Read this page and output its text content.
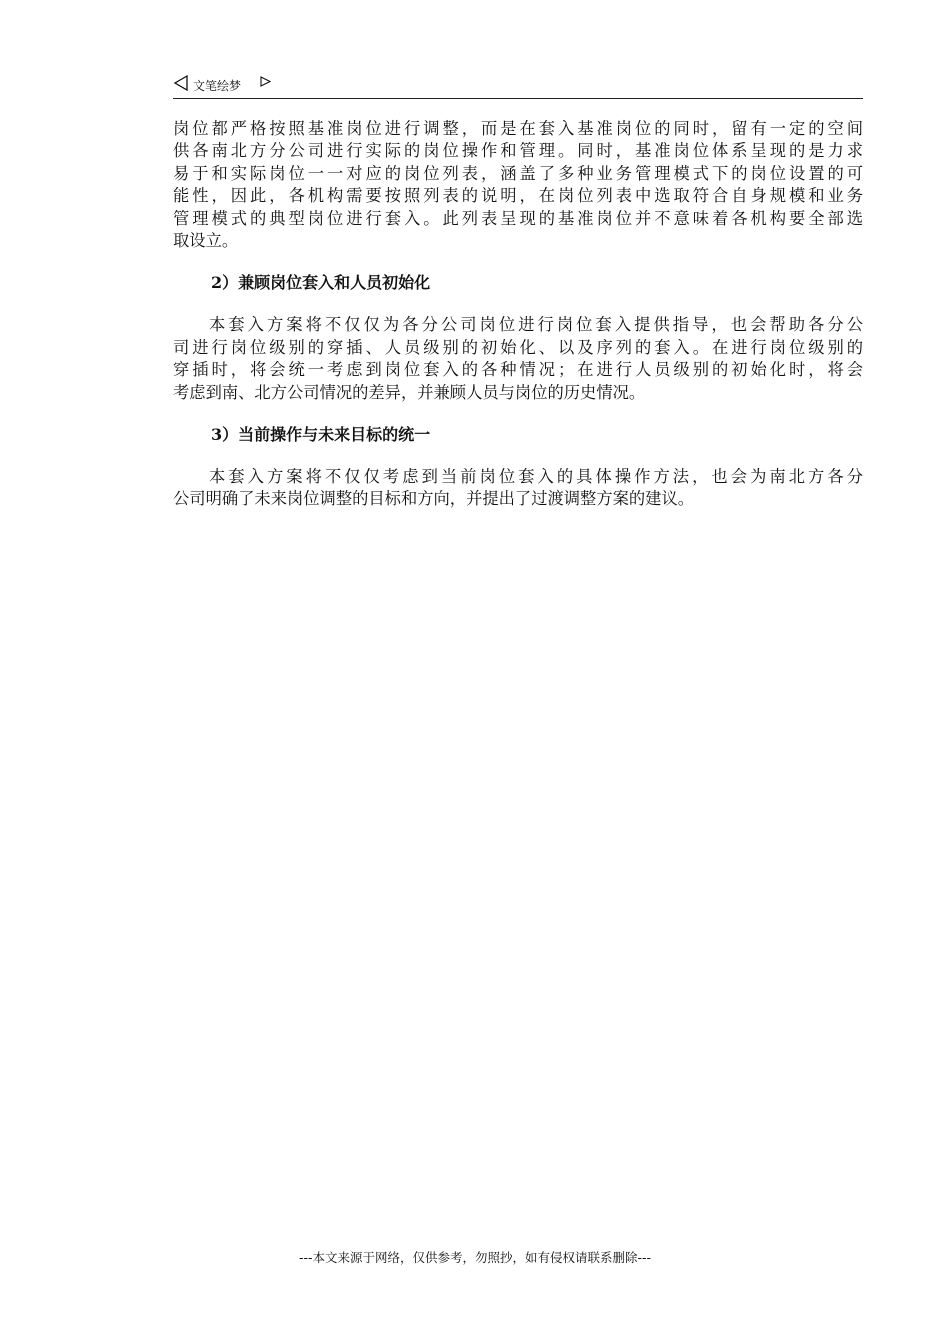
文笔绘梦
岗位都严格按照基准岗位进行调整，而是在套入基准岗位的同时，留有一定的空间
供各南北方分公司进行实际的岗位操作和管理。同时，基准岗位体系呈现的是力求
易于和实际岗位一一对应的岗位列表，涵盖了多种业务管理模式下的岗位设置的可
能性，因此，各机构需要按照列表的说明，在岗位列表中选取符合自身规模和业务
管理模式的典型岗位进行套入。此列表呈现的基准岗位并不意味着各机构要全部选
取设立。
2）兼顾岗位套入和人员初始化
本套入方案将不仅仅为各分公司岗位进行岗位套入提供指导，也会帮助各分公
司进行岗位级别的穿插、人员级别的初始化、以及序列的套入。在进行岗位级别的
穿插时，将会统一考虑到岗位套入的各种情况；在进行人员级别的初始化时，将会
考虑到南、北方公司情况的差异，并兼顾人员与岗位的历史情况。
3）当前操作与未来目标的统一
本套入方案将不仅仅考虑到当前岗位套入的具体操作方法，也会为南北方各分
公司明确了未来岗位调整的目标和方向，并提出了过渡调整方案的建议。
---本文来源于网络，仅供参考，勿照抄，如有侵权请联系删除---
